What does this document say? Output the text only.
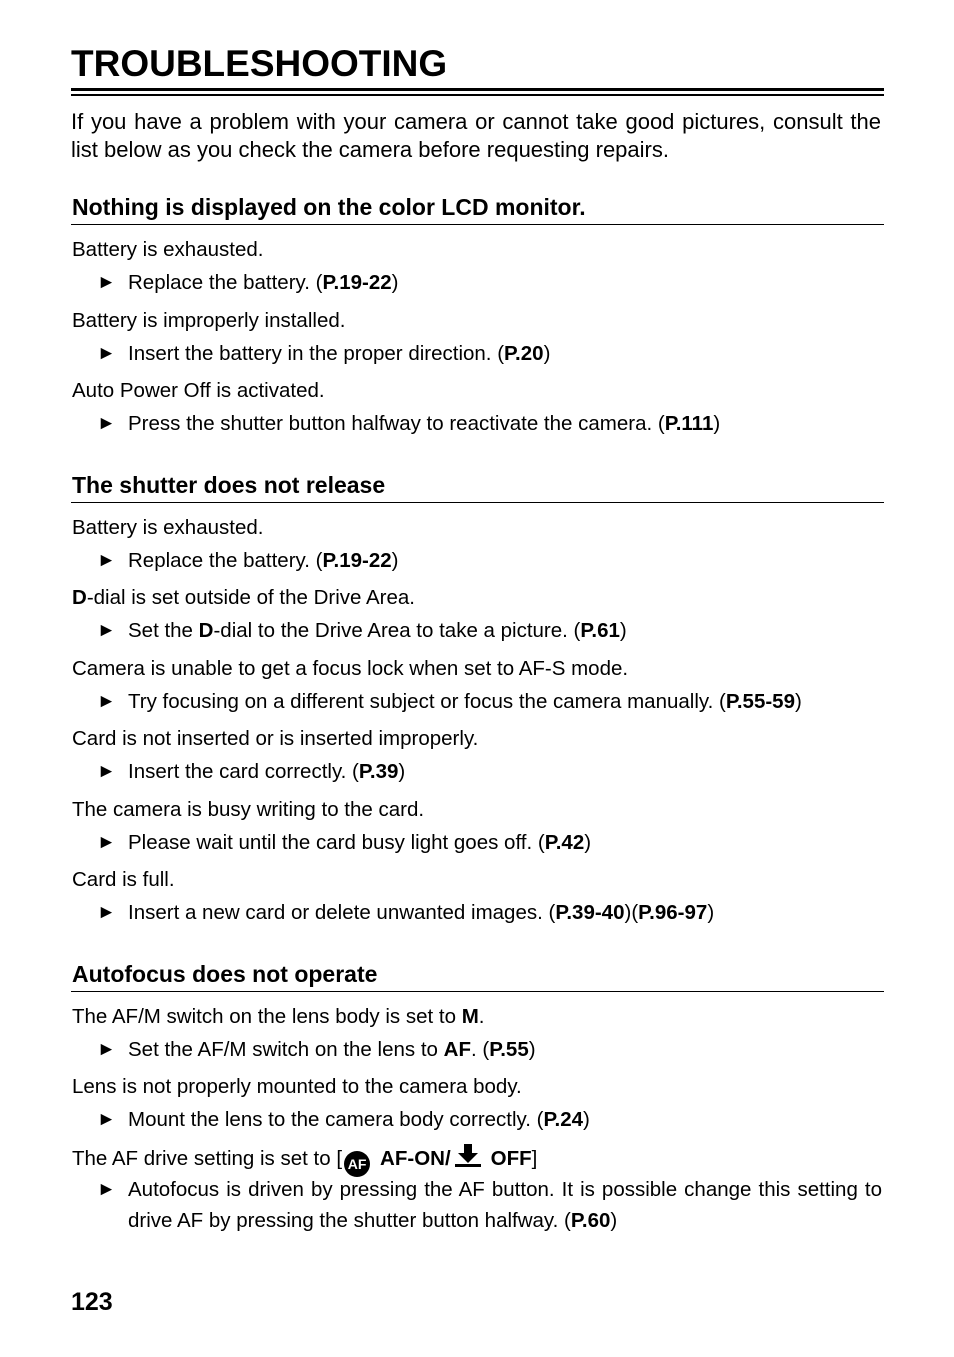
TROUBLESHOOTING
If you have a problem with your camera or cannot take good pictures, consult the list below as you check the camera before requesting repairs.
Nothing is displayed on the color LCD monitor.
Battery is exhausted.
► Replace the battery. (P.19-22)
Battery is improperly installed.
► Insert the battery in the proper direction. (P.20)
Auto Power Off is activated.
► Press the shutter button halfway to reactivate the camera. (P.111)
The shutter does not release
Battery is exhausted.
► Replace the battery. (P.19-22)
D-dial is set outside of the Drive Area.
► Set the D-dial to the Drive Area to take a picture. (P.61)
Camera is unable to get a focus lock when set to AF-S mode.
► Try focusing on a different subject or focus the camera manually. (P.55-59)
Card is not inserted or is inserted improperly.
► Insert the card correctly. (P.39)
The camera is busy writing to the card.
► Please wait until the card busy light goes off. (P.42)
Card is full.
► Insert a new card or delete unwanted images. (P.39-40)(P.96-97)
Autofocus does not operate
The AF/M switch on the lens body is set to M.
► Set the AF/M switch on the lens to AF. (P.55)
Lens is not properly mounted to the camera body.
► Mount the lens to the camera body correctly. (P.24)
The AF drive setting is set to [ AF AF-ON/ OFF]
► Autofocus is driven by pressing the AF button. It is possible change this setting to drive AF by pressing the shutter button halfway. (P.60)
123
